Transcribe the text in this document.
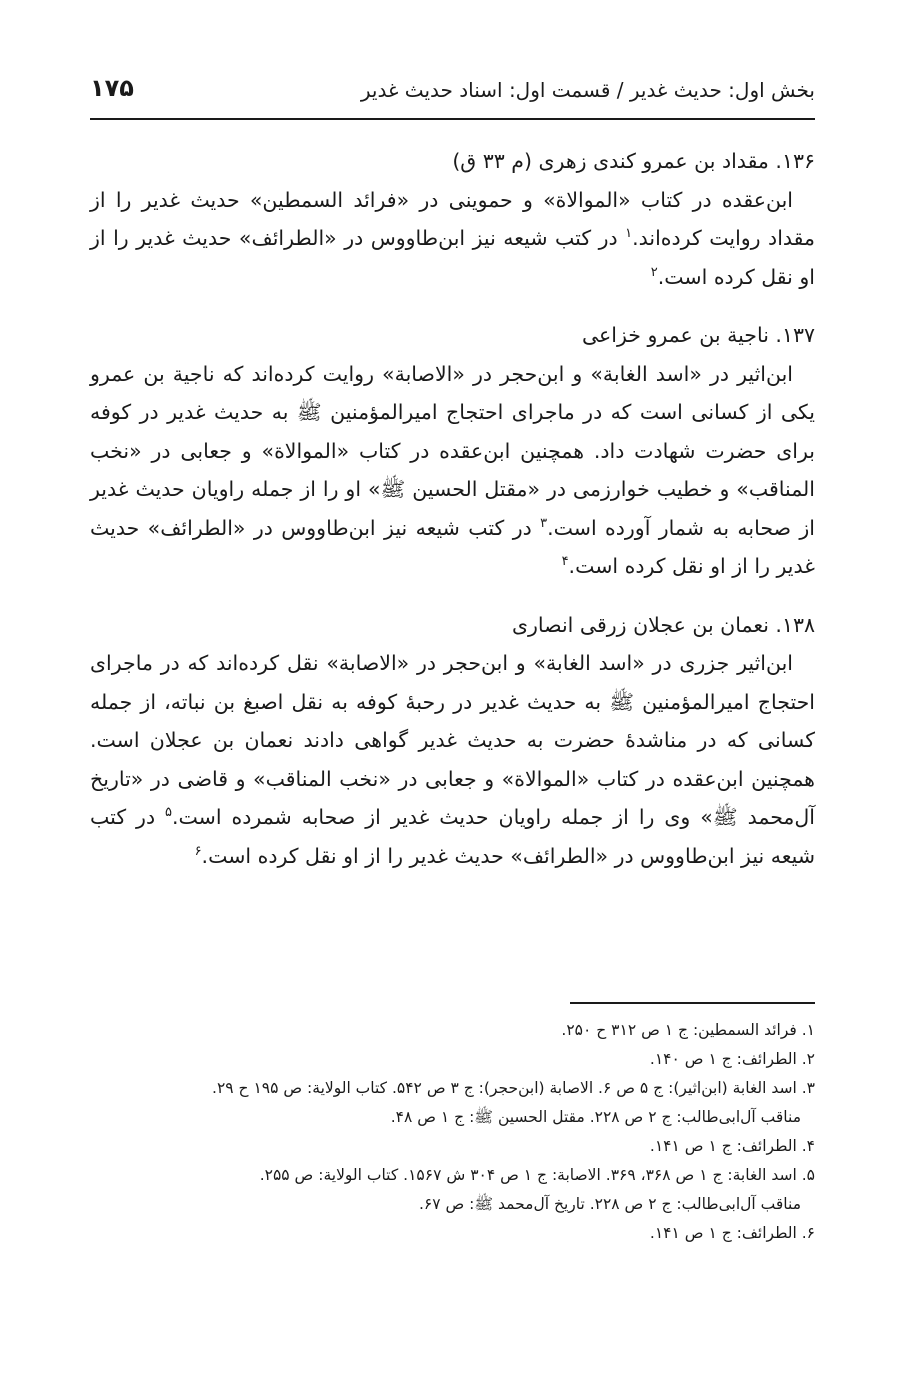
بخش اول: حدیث غدیر / قسمت اول: اسناد حدیث غدیر
۱۷۵
۱۳۶. مقداد بن عمرو کندی زهری (م ۳۳ ق)

ابن‌عقده در کتاب «الموالاة» و حموینی در «فرائد السمطین» حدیث غدیر را از مقداد روایت کرده‌اند.$^۱$ در کتب شیعه نیز ابن‌طاووس در «الطرائف» حدیث غدیر را از او نقل کرده است.$^۲$

۱۳۷. ناجیة بن عمرو خزاعی

ابن‌اثیر در «اسد الغابة» و ابن‌حجر در «الاصابة» روایت کرده‌اند که ناجیة بن عمرو یکی از کسانی است که در ماجرای احتجاج امیرالمؤمنین ﷺ به حدیث غدیر در کوفه برای حضرت شهادت داد. همچنین ابن‌عقده در کتاب «الموالاة» و جعابی در «نخب المناقب» و خطیب خوارزمی در «مقتل الحسین ﷺ» او را از جمله راویان حدیث غدیر از صحابه به شمار آورده است.$^۳$ در کتب شیعه نیز ابن‌طاووس در «الطرائف» حدیث غدیر را از او نقل کرده است.$^۴$

۱۳۸. نعمان بن عجلان زرقی انصاری

ابن‌اثیر جزری در «اسد الغابة» و ابن‌حجر در «الاصابة» نقل کرده‌اند که در ماجرای احتجاج امیرالمؤمنین ﷺ به حدیث غدیر در رحبهٔ کوفه به نقل اصبغ بن نباته، از جمله کسانی که در مناشدهٔ حضرت به حدیث غدیر گواهی دادند نعمان بن عجلان است. همچنین ابن‌عقده در کتاب «الموالاة» و جعابی در «نخب المناقب» و قاضی در «تاریخ آل‌محمد ﷺ» وی را از جمله راویان حدیث غدیر از صحابه شمرده است.$^۵$ در کتب شیعه نیز ابن‌طاووس در «الطرائف» حدیث غدیر را از او نقل کرده است.$^۶$

۱. فرائد السمطین: ج ۱ ص ۳۱۲ ح ۲۵۰.
۲. الطرائف: ج ۱ ص ۱۴۰.
۳. اسد الغابة (ابن‌اثیر): ج ۵ ص ۶. الاصابة (ابن‌حجر): ج ۳ ص ۵۴۲. کتاب الولایة: ص ۱۹۵ ح ۲۹.
مناقب آل‌ابی‌طالب: ج ۲ ص ۲۲۸. مقتل الحسین ﷺ: ج ۱ ص ۴۸.
۴. الطرائف: ج ۱ ص ۱۴۱.
۵. اسد الغابة: ج ۱ ص ۳۶۸، ۳۶۹. الاصابة: ج ۱ ص ۳۰۴ ش ۱۵۶۷. کتاب الولایة: ص ۲۵۵.
مناقب آل‌ابی‌طالب: ج ۲ ص ۲۲۸. تاریخ آل‌محمد ﷺ: ص ۶۷.
۶. الطرائف: ج ۱ ص ۱۴۱.
